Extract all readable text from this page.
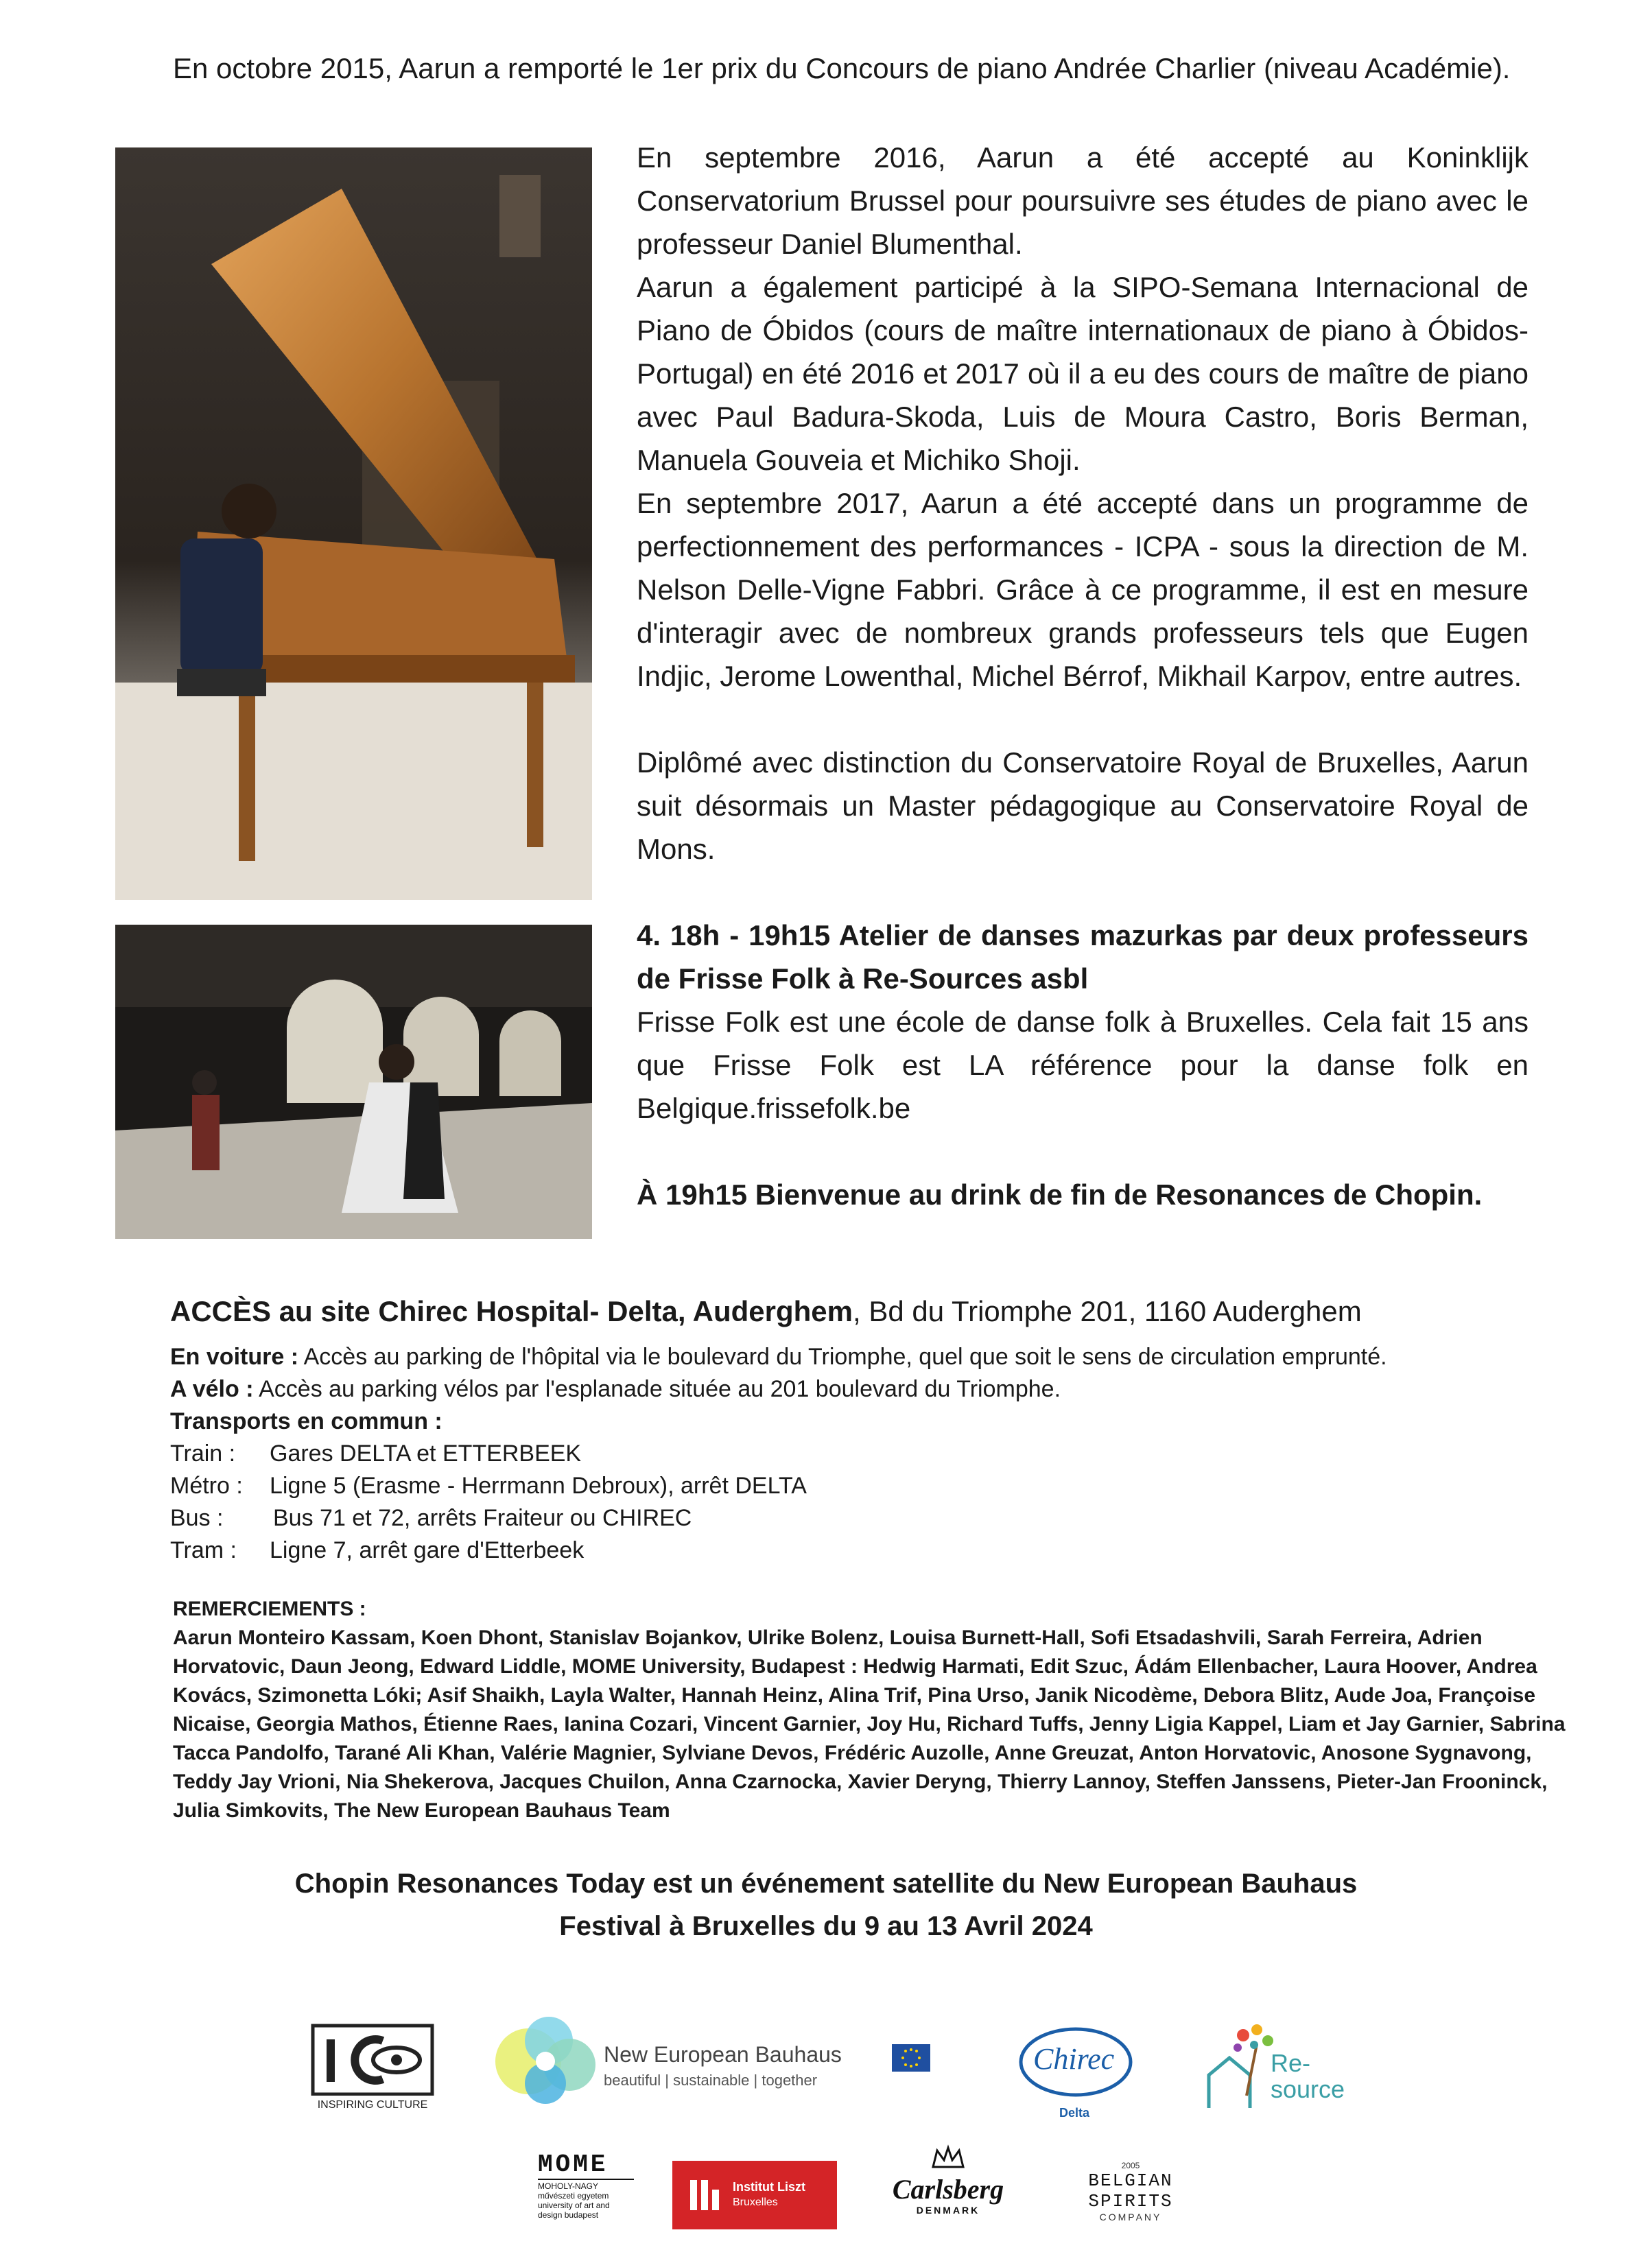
En octobre 2015, Aarun a remporté le 1er prix du Concours de piano Andrée Charlier (niveau Académie).

En septembre 2016, Aarun a été accepté au Koninklijk Conservatorium Brussel pour poursuivre ses études de piano avec le professeur Daniel Blumenthal.

Aarun a également participé à la SIPO-Semana Internacional de Piano de Óbidos (cours de maître internationaux de piano à Óbidos-Portugal) en été 2016 et 2017 où il a eu des cours de maître de piano avec Paul Badura-Skoda, Luis de Moura Castro, Boris Berman, Manuela Gouveia et Michiko Shoji.

En septembre 2017, Aarun a été accepté dans un programme de perfectionnement des performances - ICPA - sous la direction de M. Nelson Delle-Vigne Fabbri. Grâce à ce programme, il est en mesure d'interagir avec de nombreux grands professeurs tels que Eugen Indjic, Jerome Lowenthal, Michel Bérrof, Mikhail Karpov, entre autres.

Diplômé avec distinction du Conservatoire Royal de Bruxelles, Aarun suit désormais un Master pédagogique au Conservatoire Royal de Mons.

4. 18h - 19h15 Atelier de danses mazurkas par deux professeurs de Frisse Folk à Re-Sources asbl

Frisse Folk est une école de danse folk à Bruxelles. Cela fait 15 ans que Frisse Folk est LA référence pour la danse folk en Belgique.frissefolk.be

À 19h15 Bienvenue au drink de fin de Resonances de Chopin.

ACCÈS au site Chirec Hospital- Delta, Auderghem, Bd du Triomphe 201, 1160 Auderghem
En voiture : Accès au parking de l'hôpital via le boulevard du Triomphe, quel que soit le sens de circulation emprunté.
A vélo : Accès au parking vélos par l'esplanade située au 201 boulevard du Triomphe.
Transports en commun :
Train : Gares DELTA et ETTERBEEK
Métro : Ligne 5 (Erasme - Herrmann Debroux), arrêt DELTA
Bus : Bus 71 et 72, arrêts Fraiteur ou CHIREC
Tram : Ligne 7, arrêt gare d'Etterbeek
REMERCIEMENTS :
Aarun Monteiro Kassam, Koen Dhont, Stanislav Bojankov, Ulrike Bolenz, Louisa Burnett-Hall, Sofi Etsadashvili, Sarah Ferreira, Adrien Horvatovic, Daun Jeong, Edward Liddle, MOME University, Budapest : Hedwig Harmati, Edit Szuc, Ádám Ellenbacher, Laura Hoover, Andrea Kovács, Szimonetta Lóki; Asif Shaikh, Layla Walter, Hannah Heinz, Alina Trif, Pina Urso, Janik Nicodème, Debora Blitz, Aude Joa, Françoise Nicaise, Georgia Mathos, Étienne Raes, Ianina Cozari, Vincent Garnier, Joy Hu, Richard Tuffs, Jenny Ligia Kappel, Liam et Jay Garnier, Sabrina Tacca Pandolfo, Tarané Ali Khan, Valérie Magnier, Sylviane Devos, Frédéric Auzolle, Anne Greuzat, Anton Horvatovic, Anosone Sygnavong, Teddy Jay Vrioni, Nia Shekerova, Jacques Chuilon, Anna Czarnocka, Xavier Deryng, Thierry Lannoy, Steffen Janssens, Pieter-Jan Frooninck, Julia Simkovits, The New European Bauhaus Team
Chopin Resonances Today est un événement satellite du New European Bauhaus
Festival à Bruxelles du 9 au 13 Avril 2024
INSPIRING CULTURE
New European Bauhaus
beautiful | sustainable | together
Chirec
Delta
Re-
source
MOME
MOHOLY-NAGY
művészeti egyetem
university of art and
design budapest
Institut Liszt
Bruxelles	Carlsberg
DENMARK
2005
BELGIAN SPIRITS
COMPANY
